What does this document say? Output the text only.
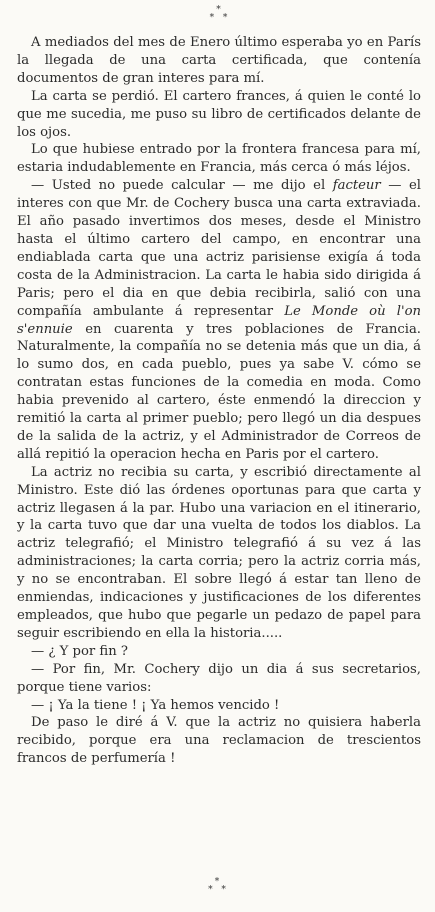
*
* *

A mediados del mes de Enero último esperaba yo en París la llegada de una carta certificada, que contenía documentos de gran interes para mí.

La carta se perdió. El cartero frances, á quien le conté lo que me sucedia, me puso su libro de certificados delante de los ojos.

Lo que hubiese entrado por la frontera francesa para mí, estaria indudablemente en Francia, más cerca ó más léjos.

— Usted no puede calcular — me dijo el facteur — el interes con que Mr. de Cochery busca una carta extraviada. El año pasado invertimos dos meses, desde el Ministro hasta el último cartero del campo, en encontrar una endiablada carta que una actriz parisiense exigía á toda costa de la Administracion. La carta le habia sido dirigida á Paris; pero el dia en que debia recibirla, salió con una compañía ambulante á representar Le Monde où l'on s'ennuie en cuarenta y tres poblaciones de Francia. Naturalmente, la compañía no se detenia más que un dia, á lo sumo dos, en cada pueblo, pues ya sabe V. cómo se contratan estas funciones de la comedia en moda. Como habia prevenido al cartero, éste enmendó la direccion y remitió la carta al primer pueblo; pero llegó un dia despues de la salida de la actriz, y el Administrador de Correos de allá repitió la operacion hecha en Paris por el cartero.

La actriz no recibia su carta, y escribió directamente al Ministro. Este dió las órdenes oportunas para que carta y actriz llegasen á la par. Hubo una variacion en el itinerario, y la carta tuvo que dar una vuelta de todos los diablos. La actriz telegrafió; el Ministro telegrafió á su vez á las administraciones; la carta corria; pero la actriz corria más, y no se encontraban. El sobre llegó á estar tan lleno de enmiendas, indicaciones y justificaciones de los diferentes empleados, que hubo que pegarle un pedazo de papel para seguir escribiendo en ella la historia.....

— ¿ Y por fin ?

— Por fin, Mr. Cochery dijo un dia á sus secretarios, porque tiene varios:

— ¡ Ya la tiene ! ¡ Ya hemos vencido !

De paso le diré á V. que la actriz no quisiera haberla recibido, porque era una reclamacion de trescientos francos de perfumería !

*
* *
